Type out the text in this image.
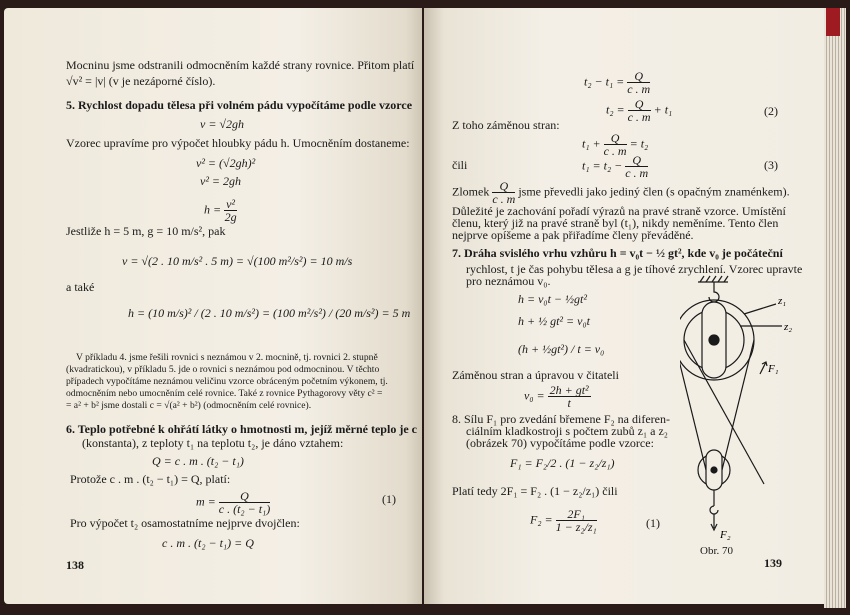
Mocninu jsme odstranili odmocněním každé strany rovnice. Přitom platí
√v² = |v| (v je nezáporné číslo).
5. Rychlost dopadu tělesa při volném pádu vypočítáme podle vzorce
v = √2gh
Vzorec upravíme pro výpočet hloubky pádu h. Umocněním dostaneme:
v² = (√2gh)²
v² = 2gh
$h = \frac{\text{v²}}{2g}$
Jestliže h = 5 m, g = 10 m/s², pak
v = √(2 . 10 m/s² . 5 m) = √(100 m²/s²) = 10 m/s
a také
h = (10 m/s)² / (2 . 10 m/s²) = (100 m²/s²) / (20 m/s²) = 5 m
V příkladu 4. jsme řešili rovnici s neznámou v 2. mocnině, tj. rovnici 2. stupně
(kvadratickou), v příkladu 5. jde o rovnici s neznámou pod odmocninou. V těchto
případech vypočítáme neznámou veličinu vzorce obráceným početním výkonem, tj.
odmocněním nebo umocněním celé rovnice. Také z rovnice Pythagorovy věty c² =
= a² + b² jsme dostali c = √(a² + b²) (odmocněním celé rovnice).
6. Teplo potřebné k ohřátí látky o hmotnosti m, jejíž měrné teplo je c
(konstanta), z teploty t₁ na teplotu t₂, je dáno vztahem:
Q = c . m . (t₂ − t₁)
Protože c . m . (t₂ − t₁) = Q, platí:
$m = \frac{Q}{\text{c . (t₂ − t₁)}}$	(1)
Pro výpočet t₂ osamostatníme nejprve dvojčlen:
c . m . (t₂ − t₁) = Q
138
$t_2 - t_1 = \frac{Q}{c . m}$
$t_2 = \frac{Q}{c . m} + t_1$	(2)
Z toho záměnou stran:
$t_1 + \frac{Q}{c . m} = t_2$
čili	$t_1 = t_2 - \frac{Q}{c . m}$	(3)
Zlomek $\frac{Q}{c . m}$ jsme převedli jako jediný člen (s opačným znaménkem).
Důležité je zachování pořadí výrazů na pravé straně vzorce. Umístění
členu, který již na pravé straně byl (t₁), nikdy neměníme. Tento člen
nejprve opíšeme a pak přiřadíme členy převáděné.
7. Dráha svislého vrhu vzhůru h = v₀t − ½ gt², kde v₀ je počáteční
rychlost, t je čas pohybu tělesa a g je tíhové zrychlení. Vzorec upravte
pro neznámou v₀.
h = v₀t − ½gt²
h + ½ gt² = v₀t
(h + ½gt²) / t = v₀
Záměnou stran a úpravou v čitateli
$v_0 = \frac{\text{2h + gt²}}{t}$
8. Sílu F₁ pro zvedání břemene F₂ na diferen-
ciálním kladkostroji s počtem zubů z₁ a z₂
(obrázek 70) vypočítáme podle vzorce:
F₁ = F₂/2 . (1 − z₂/z₁)
Platí tedy 2F₁ = F₂ . (1 − z₂/z₁) čili
$F_2 = \frac{\text{2F₁}}{\text{1 − z₂/z₁}}$	(1)
z₁
z₂
F₁
F₂
Obr. 70
139
